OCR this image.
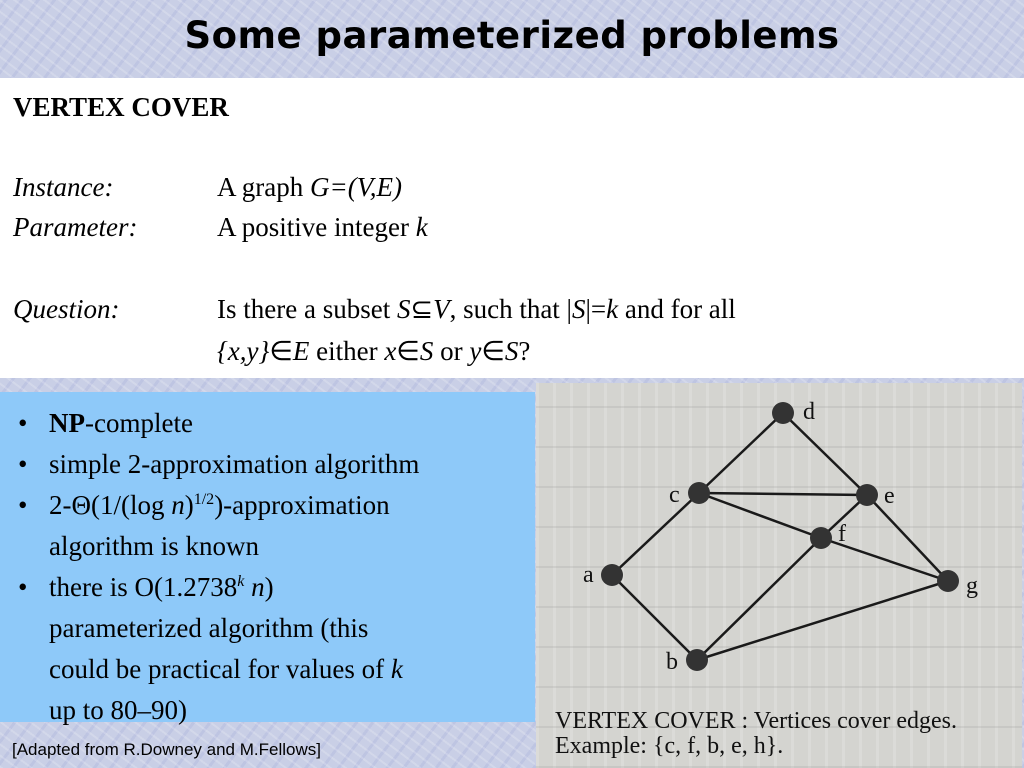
Some parameterized problems
VERTEX COVER
Instance:	A graph G=(V,E)
Parameter:	A positive integer k
Question:	Is there a subset S⊆V, such that |S|=k and for all
{x,y}∈E either x∈S or y∈S?
• NP-complete
• simple 2-approximation algorithm
• 2-Θ(1/(log n)$^{1/2}$)-approximation
algorithm is known
• there is O(1.2738$^k$ n)
parameterized algorithm (this
could be practical for values of k
up to 80–90)
d
c	e
f
a	g
b
VERTEX COVER : Vertices cover edges.
Example: {c, f, b, e, h}.
[Adapted from R.Downey and M.Fellows]
